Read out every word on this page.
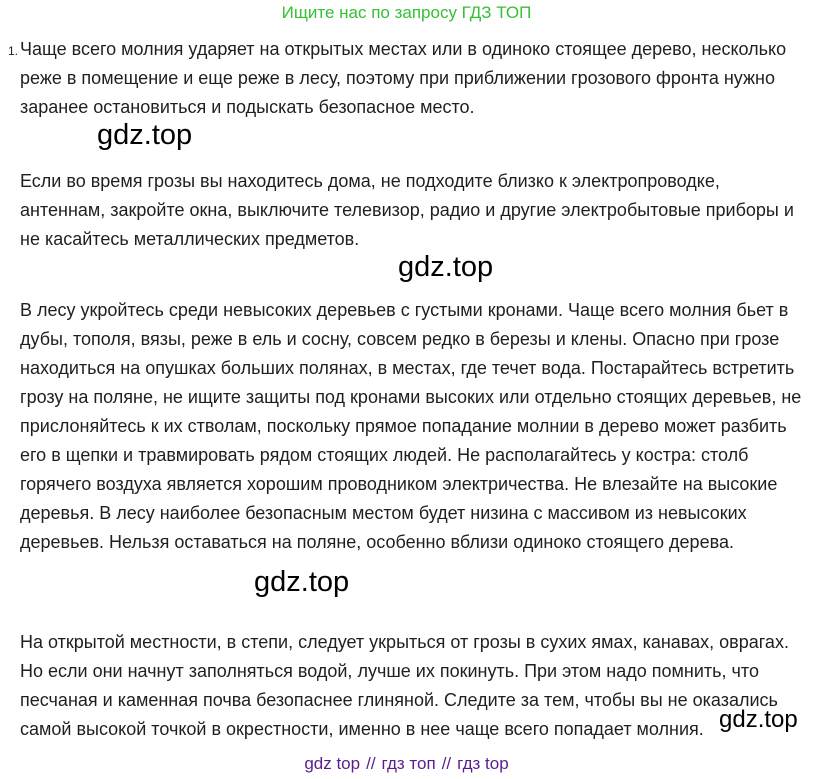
Ищите нас по запросу ГДЗ ТОП
1. Чаще всего молния ударяет на открытых местах или в одиноко стоящее дерево, несколько реже в помещение и еще реже в лесу, поэтому при приближении грозового фронта нужно заранее остановиться и подыскать безопасное место.

gdz.top

Если во время грозы вы находитесь дома, не подходите близко к электропроводке, антеннам, закройте окна, выключите телевизор, радио и другие электробытовые приборы и не касайтесь металлических предметов.

gdz.top

В лесу укройтесь среди невысоких деревьев с густыми кронами. Чаще всего молния бьет в дубы, тополя, вязы, реже в ель и сосну, совсем редко в березы и клены. Опасно при грозе находиться на опушках больших полянах, в местах, где течет вода. Постарайтесь встретить грозу на поляне, не ищите защиты под кронами высоких или отдельно стоящих деревьев, не прислоняйтесь к их стволам, поскольку прямое попадание молнии в дерево может разбить его в щепки и травмировать рядом стоящих людей. Не располагайтесь у костра: столб горячего воздуха является хорошим проводником электричества. Не влезайте на высокие деревья. В лесу наиболее безопасным местом будет низина с массивом из невысоких деревьев. Нельзя оставаться на поляне, особенно вблизи одиноко стоящего дерева.

gdz.top

На открытой местности, в степи, следует укрыться от грозы в сухих ямах, канавах, оврагах. Но если они начнут заполняться водой, лучше их покинуть. При этом надо помнить, что песчаная и каменная почва безопаснее глиняной. Следите за тем, чтобы вы не оказались самой высокой точкой в окрестности, именно в нее чаще всего попадает молния. gdz.top
gdz top // гдз топ // гдз top
